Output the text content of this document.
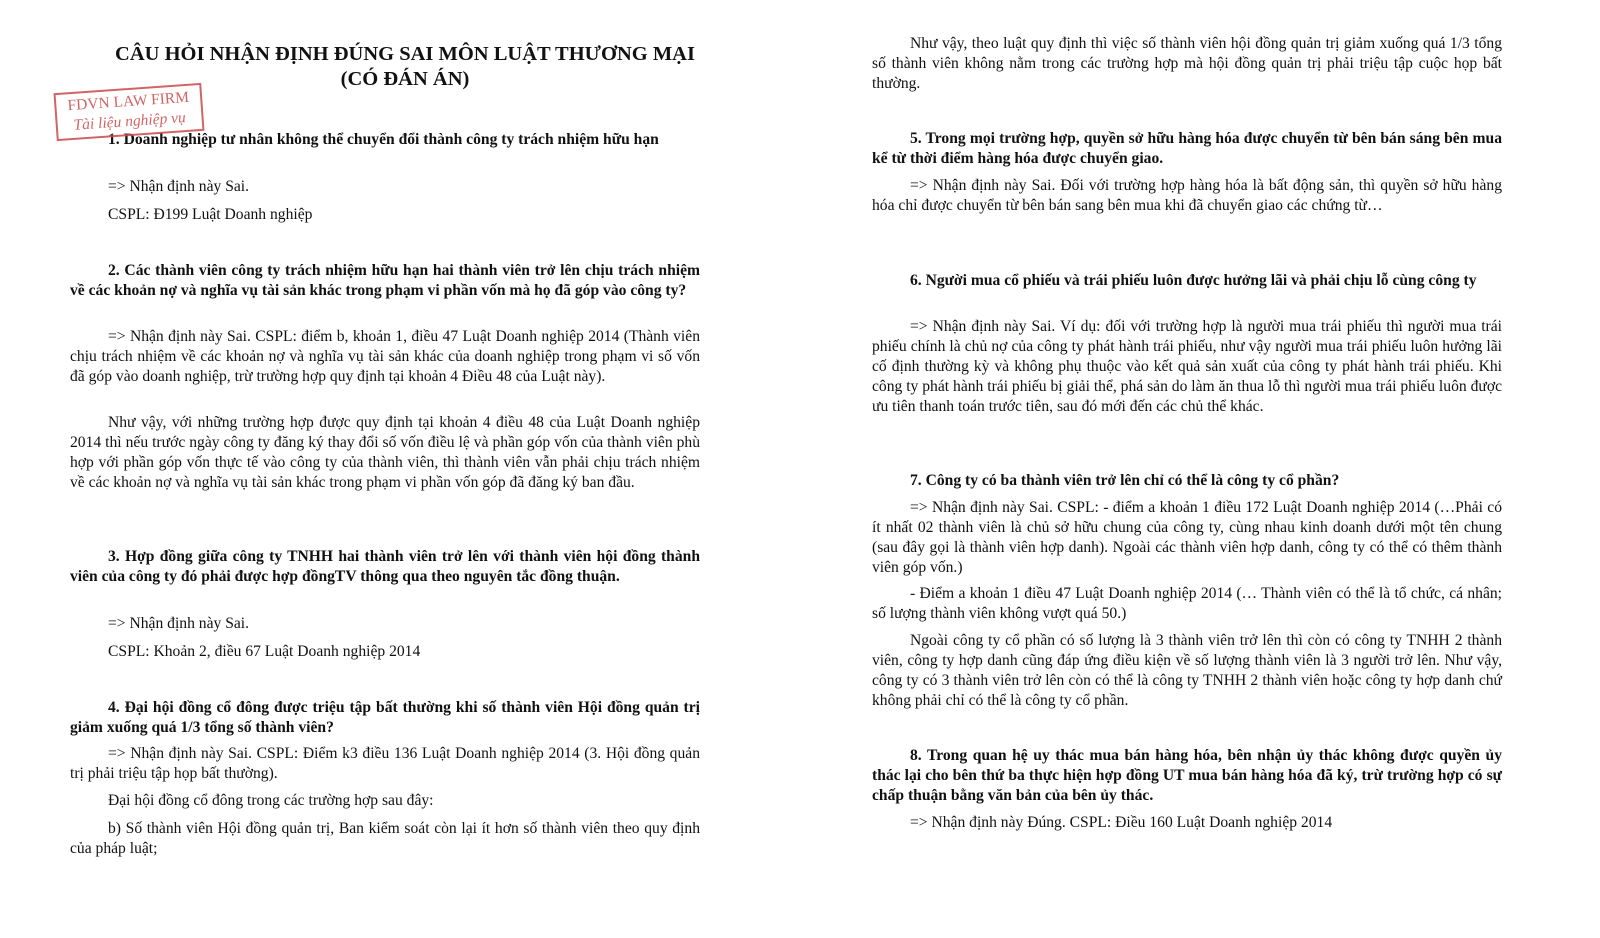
CÂU HỎI NHẬN ĐỊNH ĐÚNG SAI MÔN LUẬT THƯƠNG MẠI (CÓ ĐÁN ÁN)

1. Doanh nghiệp tư nhân không thể chuyển đổi thành công ty trách nhiệm hữu hạn

=> Nhận định này Sai.

CSPL: Đ199 Luật Doanh nghiệp

2. Các thành viên công ty trách nhiệm hữu hạn hai thành viên trở lên chịu trách nhiệm về các khoản nợ và nghĩa vụ tài sản khác trong phạm vi phần vốn mà họ đã góp vào công ty?

=> Nhận định này Sai. CSPL: điểm b, khoản 1, điều 47 Luật Doanh nghiệp 2014 (Thành viên chịu trách nhiệm về các khoản nợ và nghĩa vụ tài sản khác của doanh nghiệp trong phạm vi số vốn đã góp vào doanh nghiệp, trừ trường hợp quy định tại khoản 4 Điều 48 của Luật này).

Như vậy, với những trường hợp được quy định tại khoản 4 điều 48 của Luật Doanh nghiệp 2014 thì nếu trước ngày công ty đăng ký thay đổi số vốn điều lệ và phần góp vốn của thành viên phù hợp với phần góp vốn thực tế vào công ty của thành viên, thì thành viên vẫn phải chịu trách nhiệm về các khoản nợ và nghĩa vụ tài sản khác trong phạm vi phần vốn góp đã đăng ký ban đầu.

3. Hợp đồng giữa công ty TNHH hai thành viên trở lên với thành viên hội đồng thành viên của công ty đó phải được hợp đồngTV thông qua theo nguyên tắc đồng thuận.

=> Nhận định này Sai.

CSPL: Khoản 2, điều 67 Luật Doanh nghiệp 2014

4. Đại hội đồng cổ đông được triệu tập bất thường khi số thành viên Hội đồng quản trị giảm xuống quá 1/3 tổng số thành viên?

=> Nhận định này Sai. CSPL: Điểm k3 điều 136 Luật Doanh nghiệp 2014 (3. Hội đồng quản trị phải triệu tập họp bất thường).

Đại hội đồng cổ đông trong các trường hợp sau đây:

b) Số thành viên Hội đồng quản trị, Ban kiểm soát còn lại ít hơn số thành viên theo quy định của pháp luật;

FDVN LAW FIRM
Tài liệu nghiệp vụ

Như vậy, theo luật quy định thì việc số thành viên hội đồng quản trị giảm xuống quá 1/3 tổng số thành viên không nằm trong các trường hợp mà hội đồng quản trị phải triệu tập cuộc họp bất thường.

5. Trong mọi trường hợp, quyền sở hữu hàng hóa được chuyển từ bên bán sáng bên mua kể từ thời điểm hàng hóa được chuyển giao.

=> Nhận định này Sai. Đối với trường hợp hàng hóa là bất động sản, thì quyền sở hữu hàng hóa chỉ được chuyển từ bên bán sang bên mua khi đã chuyển giao các chứng từ…

6. Người mua cổ phiếu và trái phiếu luôn được hưởng lãi và phải chịu lỗ cùng công ty

=> Nhận định này Sai. Ví dụ: đối với trường hợp là người mua trái phiếu thì người mua trái phiếu chính là chủ nợ của công ty phát hành trái phiếu, như vậy người mua trái phiếu luôn hưởng lãi cố định thường kỳ và không phụ thuộc vào kết quả sản xuất của công ty phát hành trái phiếu. Khi công ty phát hành trái phiếu bị giải thể, phá sản do làm ăn thua lỗ thì người mua trái phiếu luôn được ưu tiên thanh toán trước tiên, sau đó mới đến các chủ thể khác.

7. Công ty có ba thành viên trở lên chỉ có thể là công ty cổ phần?

=> Nhận định này Sai. CSPL: - điểm a khoản 1 điều 172 Luật Doanh nghiệp 2014 (…Phải có ít nhất 02 thành viên là chủ sở hữu chung của công ty, cùng nhau kinh doanh dưới một tên chung (sau đây gọi là thành viên hợp danh). Ngoài các thành viên hợp danh, công ty có thể có thêm thành viên góp vốn.)

- Điểm a khoản 1 điều 47 Luật Doanh nghiệp 2014 (… Thành viên có thể là tổ chức, cá nhân; số lượng thành viên không vượt quá 50.)

Ngoài công ty cổ phần có số lượng là 3 thành viên trở lên thì còn có công ty TNHH 2 thành viên, công ty hợp danh cũng đáp ứng điều kiện về số lượng thành viên là 3 người trở lên. Như vậy, công ty có 3 thành viên trở lên còn có thể là công ty TNHH 2 thành viên hoặc công ty hợp danh chứ không phải chỉ có thể là công ty cổ phần.

8. Trong quan hệ uy thác mua bán hàng hóa, bên nhận ủy thác không được quyền ủy thác lại cho bên thứ ba thực hiện hợp đồng UT mua bán hàng hóa đã ký, trừ trường hợp có sự chấp thuận bằng văn bản của bên ủy thác.

=> Nhận định này Đúng. CSPL: Điều 160 Luật Doanh nghiệp 2014
